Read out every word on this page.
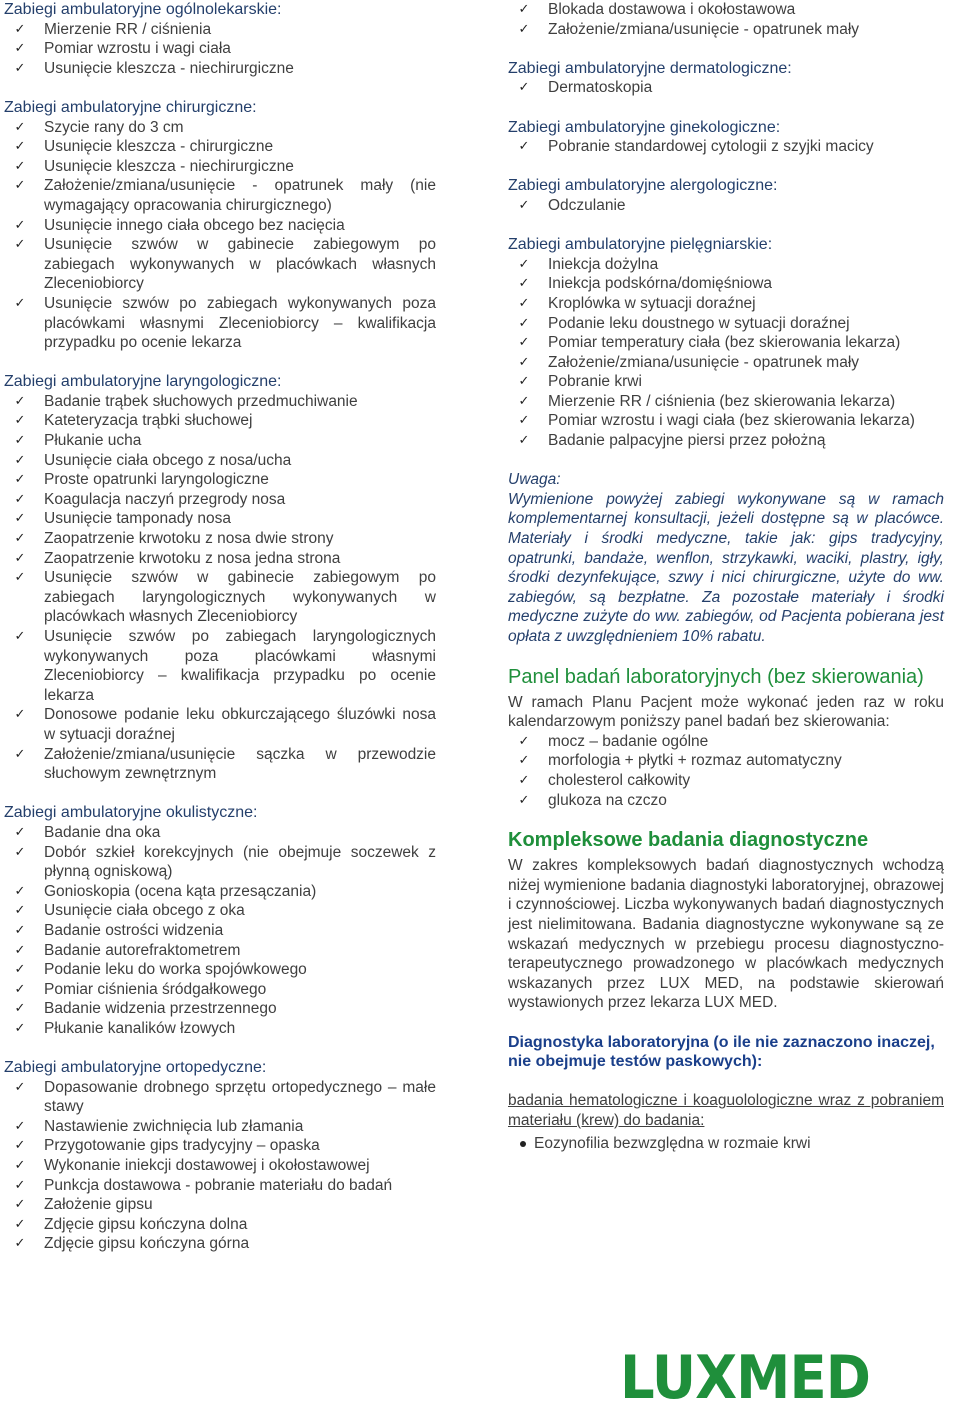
Zabiegi ambulatoryjne ogólnolekarskie:
✓ Mierzenie RR / ciśnienia
✓ Pomiar wzrostu i wagi ciała
✓ Usunięcie kleszcza - niechirurgiczne
Zabiegi ambulatoryjne chirurgiczne:
✓ Szycie rany do 3 cm
✓ Usunięcie kleszcza - chirurgiczne
✓ Usunięcie kleszcza - niechirurgiczne
✓ Założenie/zmiana/usunięcie - opatrunek mały (nie wymagający opracowania chirurgicznego)
✓ Usunięcie innego ciała obcego bez nacięcia
✓ Usunięcie szwów w gabinecie zabiegowym po zabiegach wykonywanych w placówkach własnych Zleceniobiorcy
✓ Usunięcie szwów po zabiegach wykonywanych poza placówkami własnymi Zleceniobiorcy – kwalifikacja przypadku po ocenie lekarza
Zabiegi ambulatoryjne laryngologiczne:
✓ Badanie trąbek słuchowych przedmuchiwanie
✓ Kateteryzacja trąbki słuchowej
✓ Płukanie ucha
✓ Usunięcie ciała obcego z nosa/ucha
✓ Proste opatrunki laryngologiczne
✓ Koagulacja naczyń przegrody nosa
✓ Usunięcie tamponady nosa
✓ Zaopatrzenie krwotoku z nosa dwie strony
✓ Zaopatrzenie krwotoku z nosa jedna strona
✓ Usunięcie szwów w gabinecie zabiegowym po zabiegach laryngologicznych wykonywanych w placówkach własnych Zleceniobiorcy
✓ Usunięcie szwów po zabiegach laryngologicznych wykonywanych poza placówkami własnymi Zleceniobiorcy – kwalifikacja przypadku po ocenie lekarza
✓ Donosowe podanie leku obkurczającego śluzówki nosa w sytuacji doraźnej
✓ Założenie/zmiana/usunięcie sączka w przewodzie słuchowym zewnętrznym
Zabiegi ambulatoryjne okulistyczne:
✓ Badanie dna oka
✓ Dobór szkieł korekcyjnych (nie obejmuje soczewek z płynną ogniskową)
✓ Gonioskopia (ocena kąta przesączania)
✓ Usunięcie ciała obcego z oka
✓ Badanie ostrości widzenia
✓ Badanie autorefraktometrem
✓ Podanie leku do worka spojówkowego
✓ Pomiar ciśnienia śródgałkowego
✓ Badanie widzenia przestrzennego
✓ Płukanie kanalików łzowych
Zabiegi ambulatoryjne ortopedyczne:
✓ Dopasowanie drobnego sprzętu ortopedycznego – małe stawy
✓ Nastawienie zwichnięcia lub złamania
✓ Przygotowanie gips tradycyjny – opaska
✓ Wykonanie iniekcji dostawowej i okołostawowej
✓ Punkcja dostawowa - pobranie materiału do badań
✓ Założenie gipsu
✓ Zdjęcie gipsu kończyna dolna
✓ Zdjęcie gipsu kończyna górna
✓ Blokada dostawowa i okołostawowa
✓ Założenie/zmiana/usunięcie - opatrunek mały
Zabiegi ambulatoryjne dermatologiczne:
✓ Dermatoskopia
Zabiegi ambulatoryjne ginekologiczne:
✓ Pobranie standardowej cytologii z szyjki macicy
Zabiegi ambulatoryjne alergologiczne:
✓ Odczulanie
Zabiegi ambulatoryjne pielęgniarskie:
✓ Iniekcja dożylna
✓ Iniekcja podskórna/domięśniowa
✓ Kroplówka w sytuacji doraźnej
✓ Podanie leku doustnego w sytuacji doraźnej
✓ Pomiar temperatury ciała (bez skierowania lekarza)
✓ Założenie/zmiana/usunięcie - opatrunek mały
✓ Pobranie krwi
✓ Mierzenie RR / ciśnienia (bez skierowania lekarza)
✓ Pomiar wzrostu i wagi ciała (bez skierowania lekarza)
✓ Badanie palpacyjne piersi przez położną
Uwaga:
Wymienione powyżej zabiegi wykonywane są w ramach komplementarnej konsultacji, jeżeli dostępne są w placówce. Materiały i środki medyczne, takie jak: gips tradycyjny, opatrunki, bandaże, wenflon, strzykawki, waciki, plastry, igły, środki dezynfekujące, szwy i nici chirurgiczne, użyte do ww. zabiegów, są bezpłatne. Za pozostałe materiały i środki medyczne zużyte do ww. zabiegów, od Pacjenta pobierana jest opłata z uwzględnieniem 10% rabatu.
Panel badań laboratoryjnych (bez skierowania)
W ramach Planu Pacjent może wykonać jeden raz w roku kalendarzowym poniższy panel badań bez skierowania:
✓ mocz – badanie ogólne
✓ morfologia + płytki + rozmaz automatyczny
✓ cholesterol całkowity
✓ glukoza na czczo
Kompleksowe badania diagnostyczne
W zakres kompleksowych badań diagnostycznych wchodzą niżej wymienione badania diagnostyki laboratoryjnej, obrazowej i czynnościowej. Liczba wykonywanych badań diagnostycznych jest nielimitowana. Badania diagnostyczne wykonywane są ze wskazań medycznych w przebiegu procesu diagnostyczno-terapeutycznego prowadzonego w placówkach medycznych wskazanych przez LUX MED, na podstawie skierowań wystawionych przez lekarza LUX MED.
Diagnostyka laboratoryjna (o ile nie zaznaczono inaczej, nie obejmuje testów paskowych):
badania hematologiczne i koaguolologiczne wraz z pobraniem materiału (krew) do badania:
Eozynofilia bezwzględna w rozmaie krwi
LUXMED
